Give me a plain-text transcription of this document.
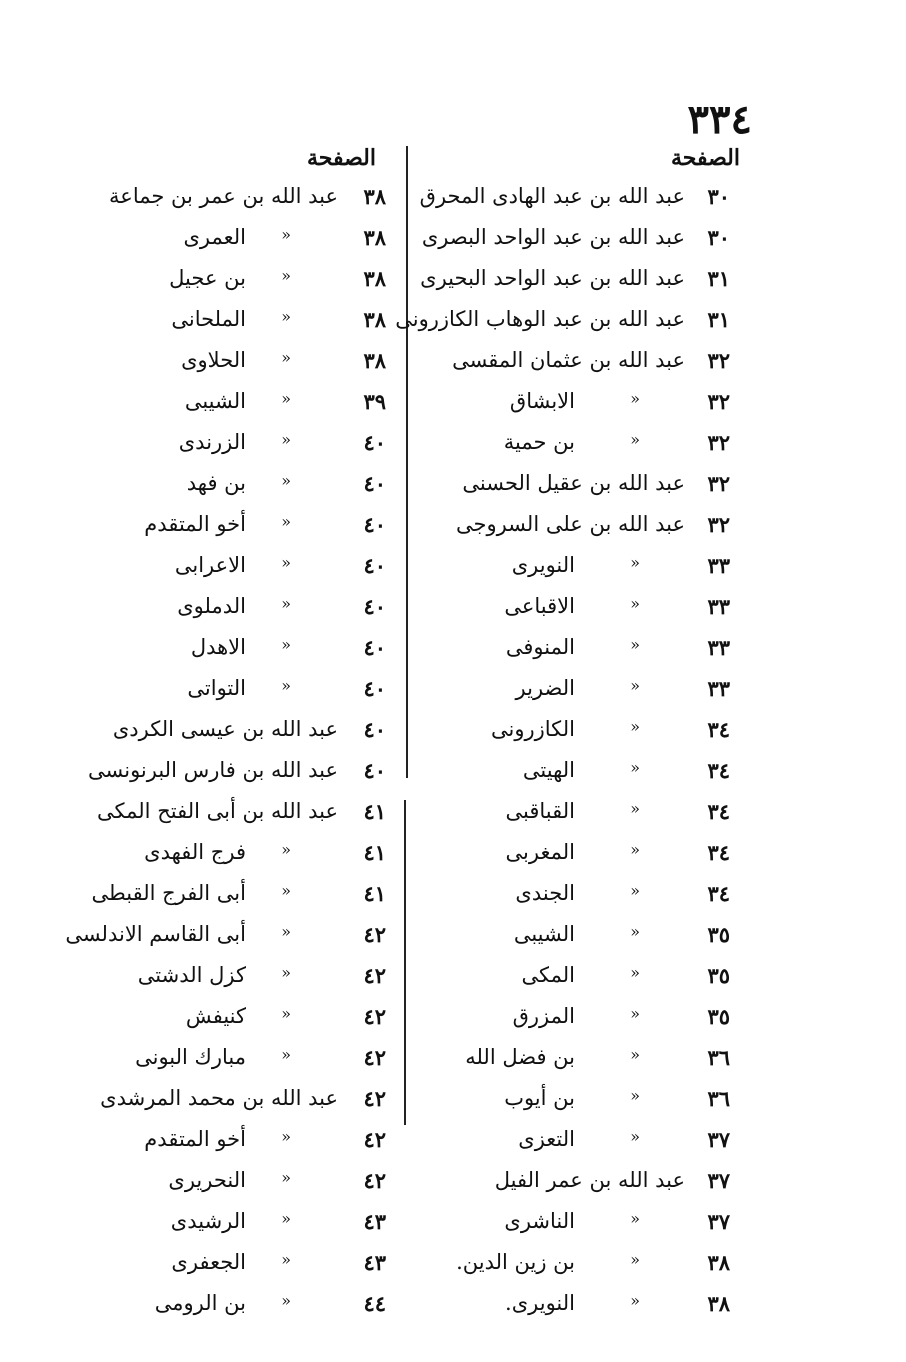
٣٣٤
الصفحة
الصفحة
٣٠
عبد الله بن عبد الهادى المحرق
٣٠
عبد الله بن عبد الواحد البصرى
٣١
عبد الله بن عبد الواحد البحيرى
٣١
عبد الله بن عبد الوهاب الكازرونى
٣٢
عبد الله بن عثمان المقسى
٣٢
«
الابشاق
٣٢
«
بن حمية
٣٢
عبد الله بن عقيل الحسنى
٣٢
عبد الله بن على السروجى
٣٣
«
النويرى
٣٣
«
الاقباعى
٣٣
«
المنوفى
٣٣
«
الضرير
٣٤
«
الكازرونى
٣٤
«
الهيتى
٣٤
«
القباقبى
٣٤
«
المغربى
٣٤
«
الجندى
٣٥
«
الشيبى
٣٥
«
المكى
٣٥
«
المزرق
٣٦
«
بن فضل الله
٣٦
«
بن أيوب
٣٧
«
التعزى
٣٧
عبد الله بن عمر الفيل
٣٧
«
الناشرى
٣٨
«
بن زين الدين.
٣٨
«
النويرى.
٣٨
عبد الله بن عمر بن جماعة
٣٨
«
العمرى
٣٨
«
بن عجيل
٣٨
«
الملحانى
٣٨
«
الحلاوى
٣٩
«
الشيبى
٤٠
«
الزرندى
٤٠
«
بن فهد
٤٠
«
أخو المتقدم
٤٠
«
الاعرابى
٤٠
«
الدملوى
٤٠
«
الاهدل
٤٠
«
التواتى
٤٠
عبد الله بن عيسى الكردى
٤٠
عبد الله بن فارس البرنونسى
٤١
عبد الله بن أبى الفتح المكى
٤١
«
فرج الفهدى
٤١
«
أبى الفرج القبطى
٤٢
«
أبى القاسم الاندلسى
٤٢
«
كزل الدشتى
٤٢
«
كنيفش
٤٢
«
مبارك البونى
٤٢
عبد الله بن محمد المرشدى
٤٢
«
أخو المتقدم
٤٢
«
النحريرى
٤٣
«
الرشيدى
٤٣
«
الجعفرى
٤٤
«
بن الرومى
